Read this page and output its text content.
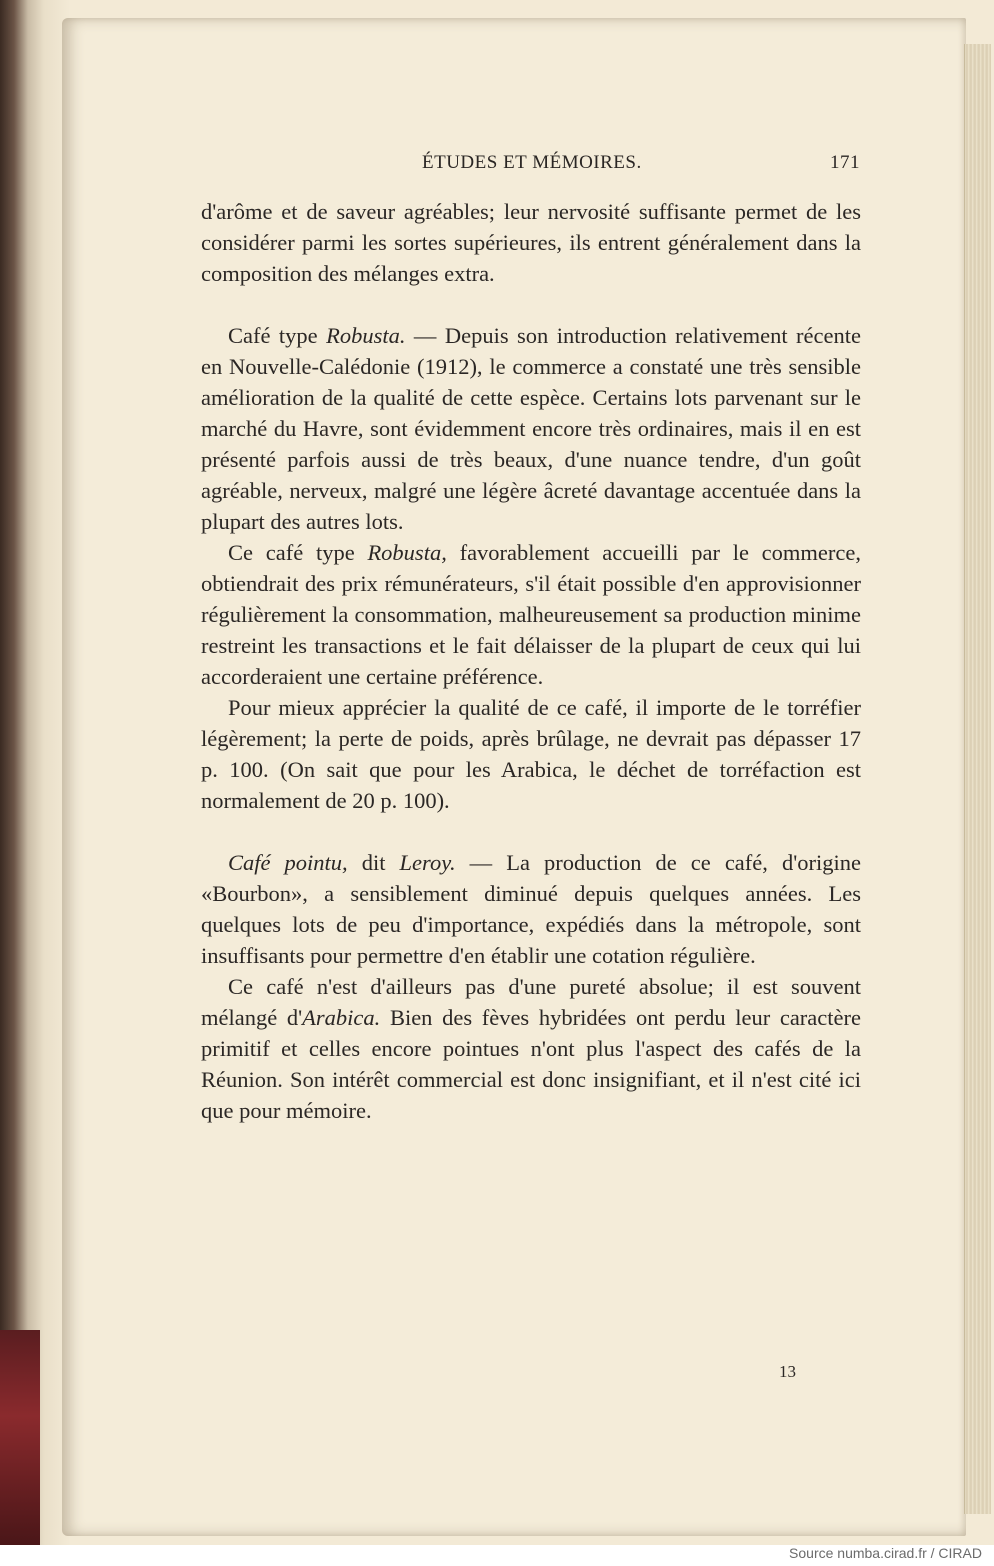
ÉTUDES ET MÉMOIRES.	171

d'arôme et de saveur agréables; leur nervosité suffisante permet de les considérer parmi les sortes supérieures, ils entrent généralement dans la composition des mélanges extra.

Café type Robusta. — Depuis son introduction relativement récente en Nouvelle-Calédonie (1912), le commerce a constaté une très sensible amélioration de la qualité de cette espèce. Certains lots parvenant sur le marché du Havre, sont évidemment encore très ordinaires, mais il en est présenté parfois aussi de très beaux, d'une nuance tendre, d'un goût agréable, nerveux, malgré une légère âcreté davantage accentuée dans la plupart des autres lots.

Ce café type Robusta, favorablement accueilli par le commerce, obtiendrait des prix rémunérateurs, s'il était possible d'en approvisionner régulièrement la consommation, malheureusement sa production minime restreint les transactions et le fait délaisser de la plupart de ceux qui lui accorderaient une certaine préférence.

Pour mieux apprécier la qualité de ce café, il importe de le torréfier légèrement; la perte de poids, après brûlage, ne devrait pas dépasser 17 p. 100. (On sait que pour les Arabica, le déchet de torréfaction est normalement de 20 p. 100).

Café pointu, dit Leroy. — La production de ce café, d'origine «Bourbon», a sensiblement diminué depuis quelques années. Les quelques lots de peu d'importance, expédiés dans la métropole, sont insuffisants pour permettre d'en établir une cotation régulière.

Ce café n'est d'ailleurs pas d'une pureté absolue; il est souvent mélangé d'Arabica. Bien des fèves hybridées ont perdu leur caractère primitif et celles encore pointues n'ont plus l'aspect des cafés de la Réunion. Son intérêt commercial est donc insignifiant, et il n'est cité ici que pour mémoire.

13
Source numba.cirad.fr / CIRAD
